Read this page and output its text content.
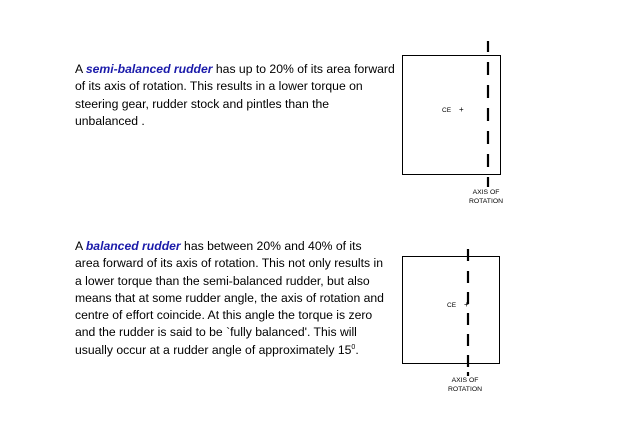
A semi-balanced rudder has up to 20% of its area forward of its axis of rotation. This results in a lower torque on steering gear, rudder stock and pintles than the unbalanced .

A balanced rudder has between 20% and 40% of its area forward of its axis of rotation. This not only results in a lower torque than the semi-balanced rudder, but also means that at some rudder angle, the axis of rotation and centre of effort coincide. At this angle the torque is zero and the rudder is said to be `fully balanced'. This will usually occur at a rudder angle of approximately $15^0$.

CE +
AXIS OF
ROTATION
CE +
AXIS OF
ROTATION
